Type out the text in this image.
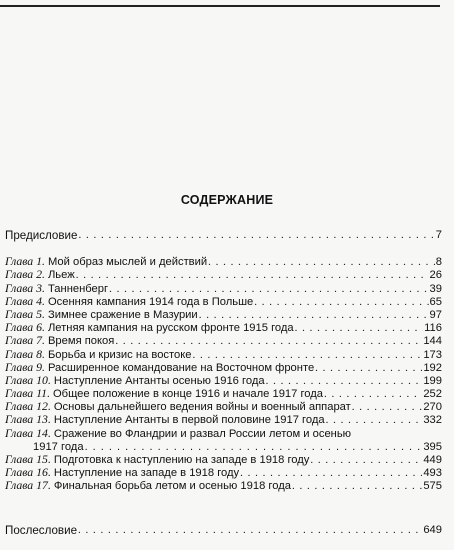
СОДЕРЖАНИЕ
Предисловие . . .	7
Глава 1. Мой образ мыслей и действий . . .	8
Глава 2. Льеж . . .	26
Глава 3. Танненберг . . .	39
Глава 4. Осенняя кампания 1914 года в Польше . . .	65
Глава 5. Зимнее сражение в Мазурии . . .	97
Глава 6. Летняя кампания на русском фронте 1915 года . . .	116
Глава 7. Время покоя . . .	144
Глава 8. Борьба и кризис на востоке . . .	173
Глава 9. Расширенное командование на Восточном фронте . . .	192
Глава 10. Наступление Антанты осенью 1916 года . . .	199
Глава 11. Общее положение в конце 1916 и начале 1917 года . . .	252
Глава 12. Основы дальнейшего ведения войны и военный аппарат . . .	270
Глава 13. Наступление Антанты в первой половине 1917 года . . .	332
Глава 14. Сражение во Фландрии и развал России летом и осенью
1917 года . . .	395
Глава 15. Подготовка к наступлению на западе в 1918 году . . .	449
Глава 16. Наступление на западе в 1918 году . . .	493
Глава 17. Финальная борьба летом и осенью 1918 года . . .	575
Послесловие . . .	649
